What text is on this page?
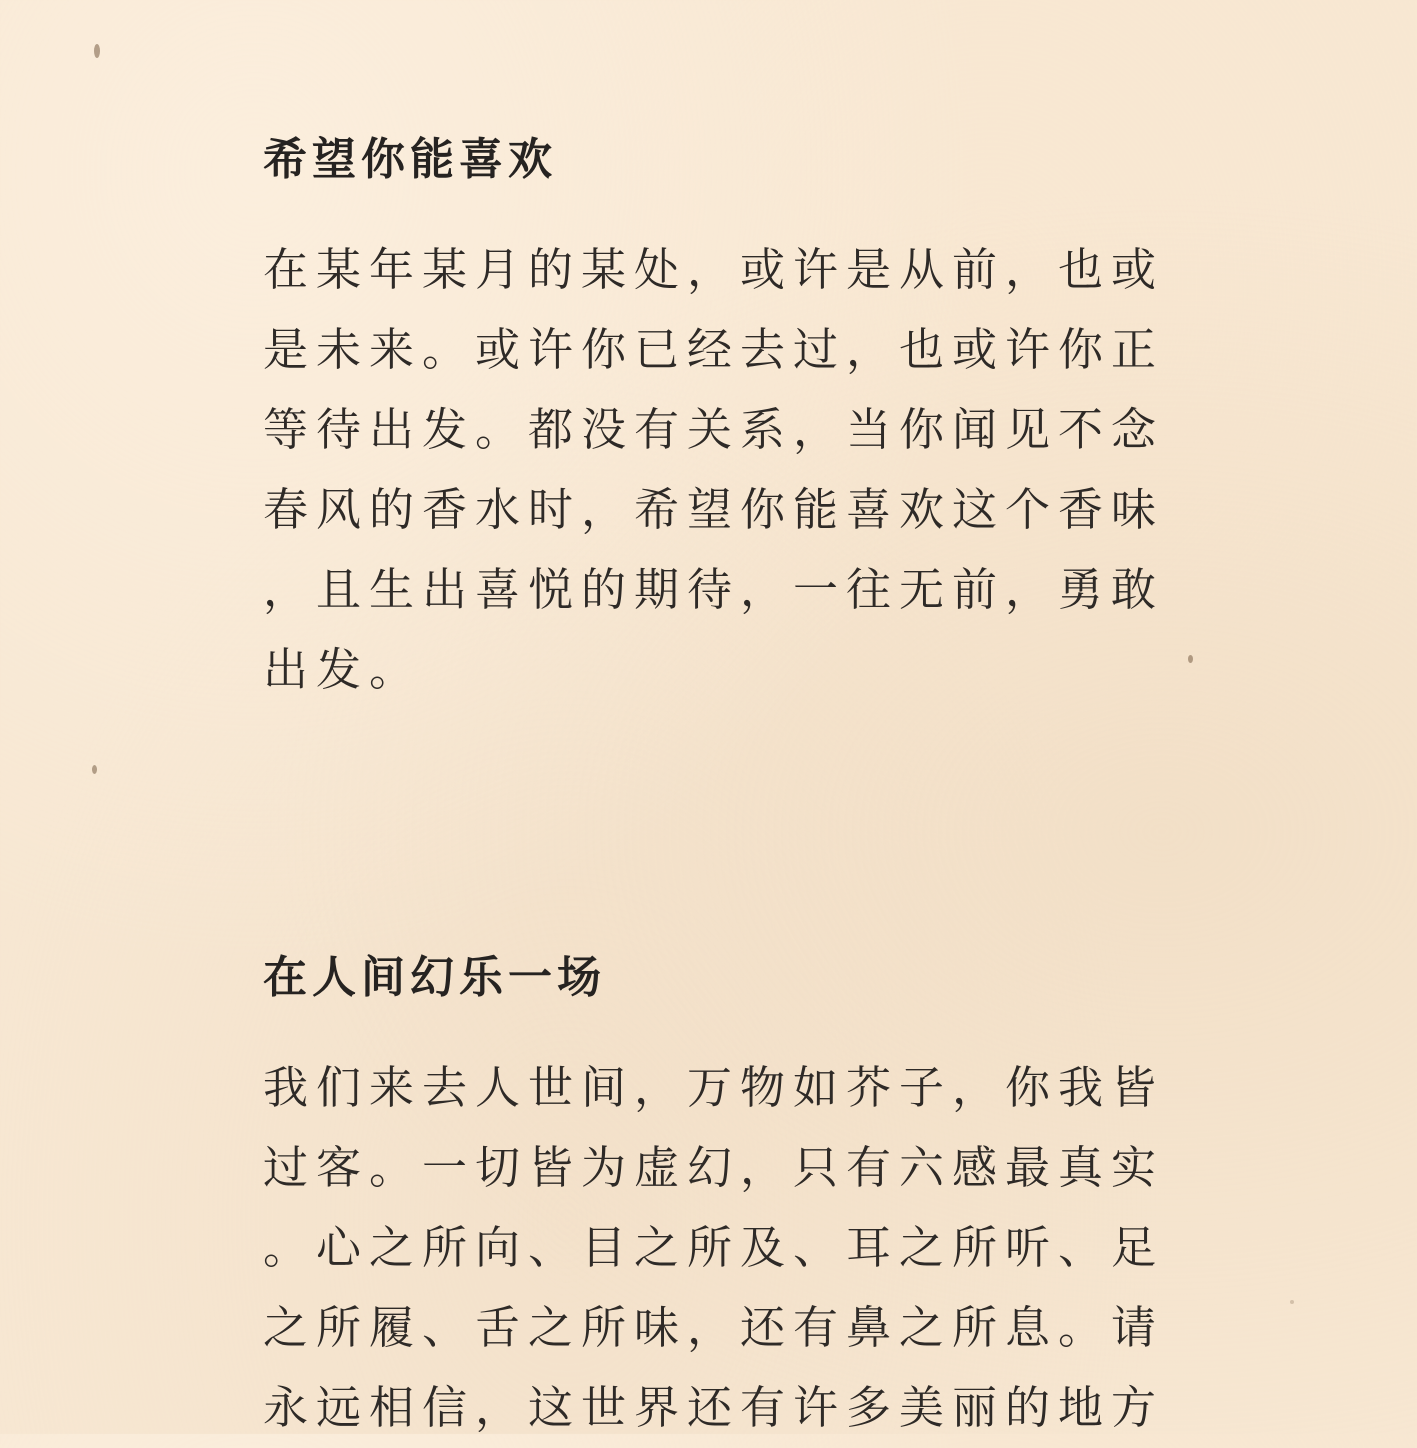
希望你能喜欢
在某年某月的某处，或许是从前，也或
是未来。或许你已经去过，也或许你正
等待出发。都没有关系，当你闻见不念
春风的香水时，希望你能喜欢这个香味
，且生出喜悦的期待，一往无前，勇敢
出发。
在人间幻乐一场
我们来去人世间，万物如芥子，你我皆
过客。一切皆为虚幻，只有六感最真实
。心之所向、目之所及、耳之所听、足
之所履、舌之所味，还有鼻之所息。请
永远相信，这世界还有许多美丽的地方
